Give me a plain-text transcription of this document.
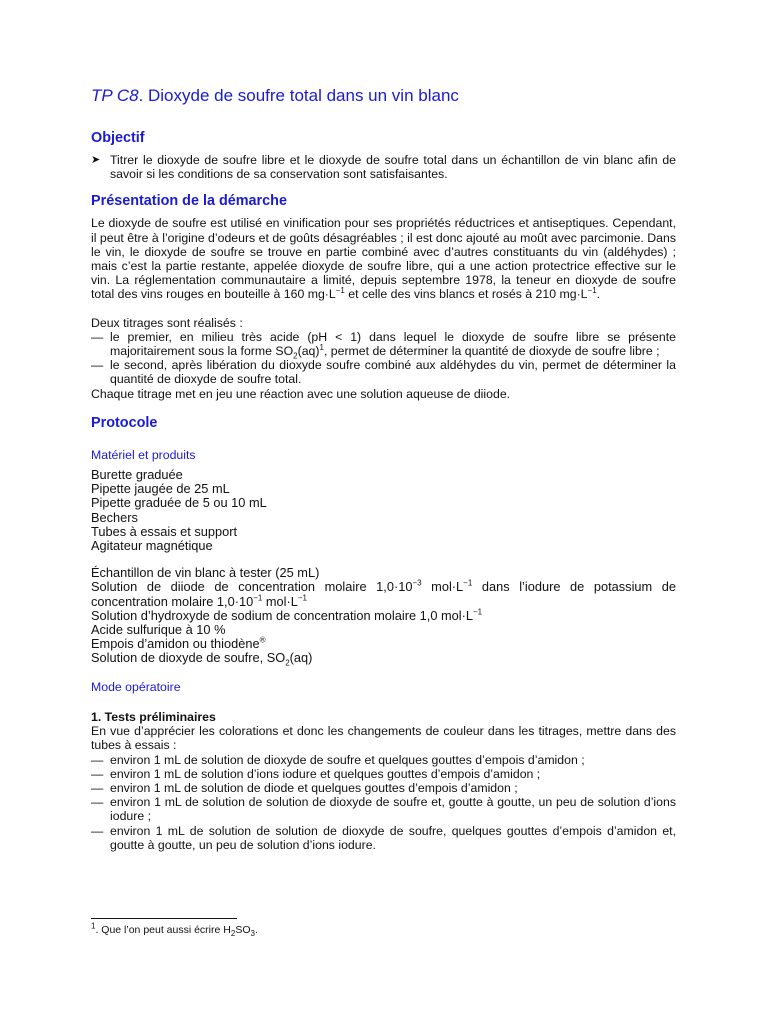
TP C8. Dioxyde de soufre total dans un vin blanc
Objectif
➤ Titrer le dioxyde de soufre libre et le dioxyde de soufre total dans un échantillon de vin blanc afin de savoir si les conditions de sa conservation sont satisfaisantes.
Présentation de la démarche

Le dioxyde de soufre est utilisé en vinification pour ses propriétés réductrices et antiseptiques. Cependant, il peut être à l’origine d’odeurs et de goûts désagréables ; il est donc ajouté au moût avec parcimonie. Dans le vin, le dioxyde de soufre se trouve en partie combiné avec d’autres constituants du vin (aldéhydes) ; mais c’est la partie restante, appelée dioxyde de soufre libre, qui a une action protectrice effective sur le vin. La réglementation communautaire a limité, depuis septembre 1978, la teneur en dioxyde de soufre total des vins rouges en bouteille à 160 $mg\cdot L^{-1}$ et celle des vins blancs et rosés à 210 $mg\cdot L^{-1}$.

Deux titrages sont réalisés :

— le premier, en milieu très acide (pH < 1) dans lequel le dioxyde de soufre libre se présente majoritairement sous la forme $SO_2(aq)^1$, permet de déterminer la quantité de dioxyde de soufre libre ;
— le second, après libération du dioxyde soufre combiné aux aldéhydes du vin, permet de déterminer la quantité de dioxyde de soufre total.

Chaque titrage met en jeu une réaction avec une solution aqueuse de diiode.

Protocole
Matériel et produits
Burette graduée
Pipette jaugée de 25 mL
Pipette graduée de 5 ou 10 mL
Bechers
Tubes à essais et support
Agitateur magnétique
Échantillon de vin blanc à tester (25 mL)
Solution de diiode de concentration molaire $1,0\cdot 10^{-3}$ $mol\cdot L^{-1}$ dans l’iodure de potassium de concentration molaire $1,0\cdot 10^{-1}$ $mol\cdot L^{-1}$
Solution d’hydroxyde de sodium de concentration molaire 1,0 $mol\cdot L^{-1}$
Acide sulfurique à 10 %
Empois d’amidon ou thiodène®
Solution de dioxyde de soufre, $SO_2(aq)$
Mode opératoire
1. Tests préliminaires

En vue d’apprécier les colorations et donc les changements de couleur dans les titrages, mettre dans des tubes à essais :

— environ 1 mL de solution de dioxyde de soufre et quelques gouttes d’empois d’amidon ;
— environ 1 mL de solution d’ions iodure et quelques gouttes d’empois d’amidon ;
— environ 1 mL de solution de diode et quelques gouttes d’empois d’amidon ;
— environ 1 mL de solution de solution de dioxyde de soufre et, goutte à goutte, un peu de solution d’ions iodure ;
— environ 1 mL de solution de solution de dioxyde de soufre, quelques gouttes d’empois d’amidon et, goutte à goutte, un peu de solution d’ions iodure.
$^1$. Que l’on peut aussi écrire $H_2SO_3$.
